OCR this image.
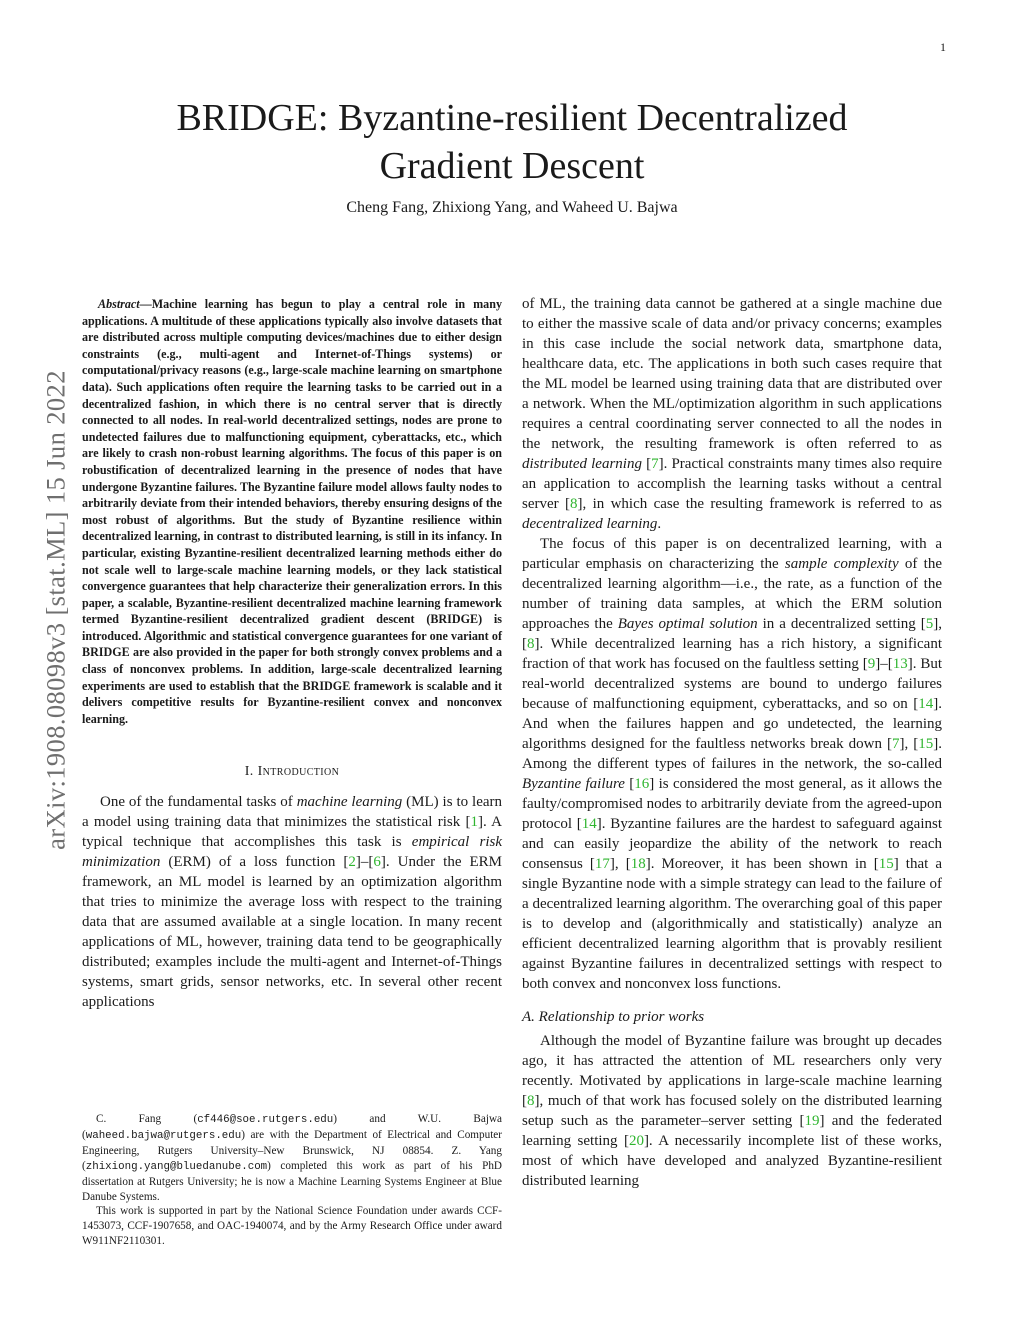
1
BRIDGE: Byzantine-resilient Decentralized Gradient Descent
Cheng Fang, Zhixiong Yang, and Waheed U. Bajwa
arXiv:1908.08098v3 [stat.ML] 15 Jun 2022

Abstract—Machine learning has begun to play a central role in many applications. A multitude of these applications typically also involve datasets that are distributed across multiple computing devices/machines due to either design constraints (e.g., multi-agent and Internet-of-Things systems) or computational/privacy reasons (e.g., large-scale machine learning on smartphone data). Such applications often require the learning tasks to be carried out in a decentralized fashion, in which there is no central server that is directly connected to all nodes. In real-world decentralized settings, nodes are prone to undetected failures due to malfunctioning equipment, cyberattacks, etc., which are likely to crash non-robust learning algorithms. The focus of this paper is on robustification of decentralized learning in the presence of nodes that have undergone Byzantine failures. The Byzantine failure model allows faulty nodes to arbitrarily deviate from their intended behaviors, thereby ensuring designs of the most robust of algorithms. But the study of Byzantine resilience within decentralized learning, in contrast to distributed learning, is still in its infancy. In particular, existing Byzantine-resilient decentralized learning methods either do not scale well to large-scale machine learning models, or they lack statistical convergence guarantees that help characterize their generalization errors. In this paper, a scalable, Byzantine-resilient decentralized machine learning framework termed Byzantine-resilient decentralized gradient descent (BRIDGE) is introduced. Algorithmic and statistical convergence guarantees for one variant of BRIDGE are also provided in the paper for both strongly convex problems and a class of nonconvex problems. In addition, large-scale decentralized learning experiments are used to establish that the BRIDGE framework is scalable and it delivers competitive results for Byzantine-resilient convex and nonconvex learning.

I. Introduction

One of the fundamental tasks of machine learning (ML) is to learn a model using training data that minimizes the statistical risk [1]. A typical technique that accomplishes this task is empirical risk minimization (ERM) of a loss function [2]–[6]. Under the ERM framework, an ML model is learned by an optimization algorithm that tries to minimize the average loss with respect to the training data that are assumed available at a single location. In many recent applications of ML, however, training data tend to be geographically distributed; examples include the multi-agent and Internet-of-Things systems, smart grids, sensor networks, etc. In several other recent applications

C. Fang (cf446@soe.rutgers.edu) and W.U. Bajwa (waheed.bajwa@rutgers.edu) are with the Department of Electrical and Computer Engineering, Rutgers University–New Brunswick, NJ 08854. Z. Yang (zhixiong.yang@bluedanube.com) completed this work as part of his PhD dissertation at Rutgers University; he is now a Machine Learning Systems Engineer at Blue Danube Systems.

This work is supported in part by the National Science Foundation under awards CCF-1453073, CCF-1907658, and OAC-1940074, and by the Army Research Office under award W911NF2110301.

of ML, the training data cannot be gathered at a single machine due to either the massive scale of data and/or privacy concerns; examples in this case include the social network data, smartphone data, healthcare data, etc. The applications in both such cases require that the ML model be learned using training data that are distributed over a network. When the ML/optimization algorithm in such applications requires a central coordinating server connected to all the nodes in the network, the resulting framework is often referred to as distributed learning [7]. Practical constraints many times also require an application to accomplish the learning tasks without a central server [8], in which case the resulting framework is referred to as decentralized learning.

The focus of this paper is on decentralized learning, with a particular emphasis on characterizing the sample complexity of the decentralized learning algorithm—i.e., the rate, as a function of the number of training data samples, at which the ERM solution approaches the Bayes optimal solution in a decentralized setting [5], [8]. While decentralized learning has a rich history, a significant fraction of that work has focused on the faultless setting [9]–[13]. But real-world decentralized systems are bound to undergo failures because of malfunctioning equipment, cyberattacks, and so on [14]. And when the failures happen and go undetected, the learning algorithms designed for the faultless networks break down [7], [15]. Among the different types of failures in the network, the so-called Byzantine failure [16] is considered the most general, as it allows the faulty/compromised nodes to arbitrarily deviate from the agreed-upon protocol [14]. Byzantine failures are the hardest to safeguard against and can easily jeopardize the ability of the network to reach consensus [17], [18]. Moreover, it has been shown in [15] that a single Byzantine node with a simple strategy can lead to the failure of a decentralized learning algorithm. The overarching goal of this paper is to develop and (algorithmically and statistically) analyze an efficient decentralized learning algorithm that is provably resilient against Byzantine failures in decentralized settings with respect to both convex and nonconvex loss functions.

A. Relationship to prior works

Although the model of Byzantine failure was brought up decades ago, it has attracted the attention of ML researchers only very recently. Motivated by applications in large-scale machine learning [8], much of that work has focused solely on the distributed learning setup such as the parameter–server setting [19] and the federated learning setting [20]. A necessarily incomplete list of these works, most of which have developed and analyzed Byzantine-resilient distributed learning
